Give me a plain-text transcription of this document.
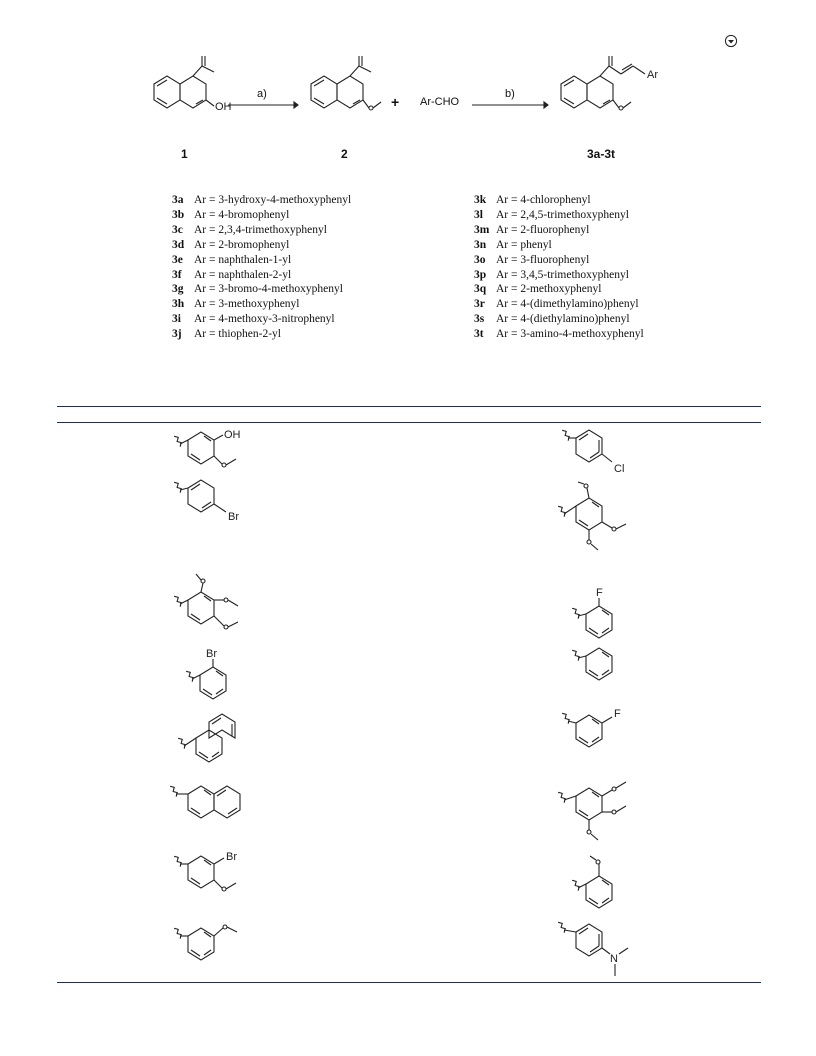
OH
1
a)
2
+ Ar-CHO
b)
Ar
3a-3t
3a Ar = 3-hydroxy-4-methoxyphenyl
3b Ar = 4-bromophenyl
3c Ar = 2,3,4-trimethoxyphenyl
3d Ar = 2-bromophenyl
3e Ar = naphthalen-1-yl
3f Ar = naphthalen-2-yl
3g Ar = 3-bromo-4-methoxyphenyl
3h Ar = 3-methoxyphenyl
3i Ar = 4-methoxy-3-nitrophenyl
3j Ar = thiophen-2-yl
3k Ar = 4-chlorophenyl
3l Ar = 2,4,5-trimethoxyphenyl
3m Ar = 2-fluorophenyl
3n Ar = phenyl
3o Ar = 3-fluorophenyl
3p Ar = 3,4,5-trimethoxyphenyl
3q Ar = 2-methoxyphenyl
3r Ar = 4-(dimethylamino)phenyl
3s Ar = 4-(diethylamino)phenyl
3t Ar = 3-amino-4-methoxyphenyl
OH
Br
Br
Br
Cl
F
F
N
